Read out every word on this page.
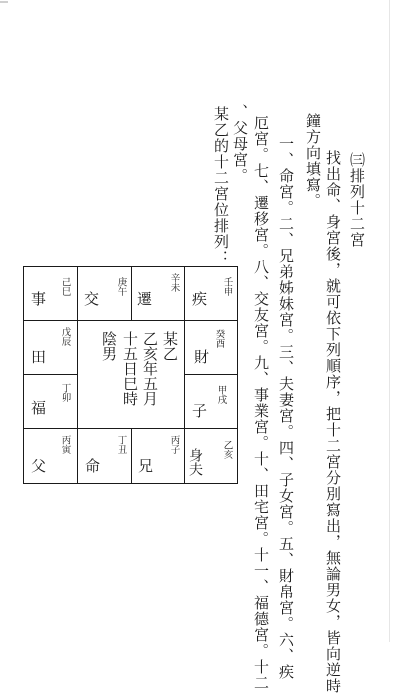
㈢排列十二宮
找出命、身宮後，就可依下列順序，把十二宮分別寫出，無論男女，皆向逆時
鐘方向填寫。
一、命宮。二、兄弟姊妹宮。三、夫妻宮。四、子女宮。五、財帛宮。六、疾
厄宮。七、遷移宮。八、交友宮。九、事業宮。十、田宅宮。十一、福德宮。十二
、父母宮。
某乙的十二宮位排列：
己巳
事
庚午
交
辛未
遷
壬申
疾
戊辰
田
丁卯
福
癸酉
財
甲戌
子
丙寅
父
丁丑
命
丙子
兄
乙亥
身夫
某乙
乙亥年五月
十五日巳時
陰男
